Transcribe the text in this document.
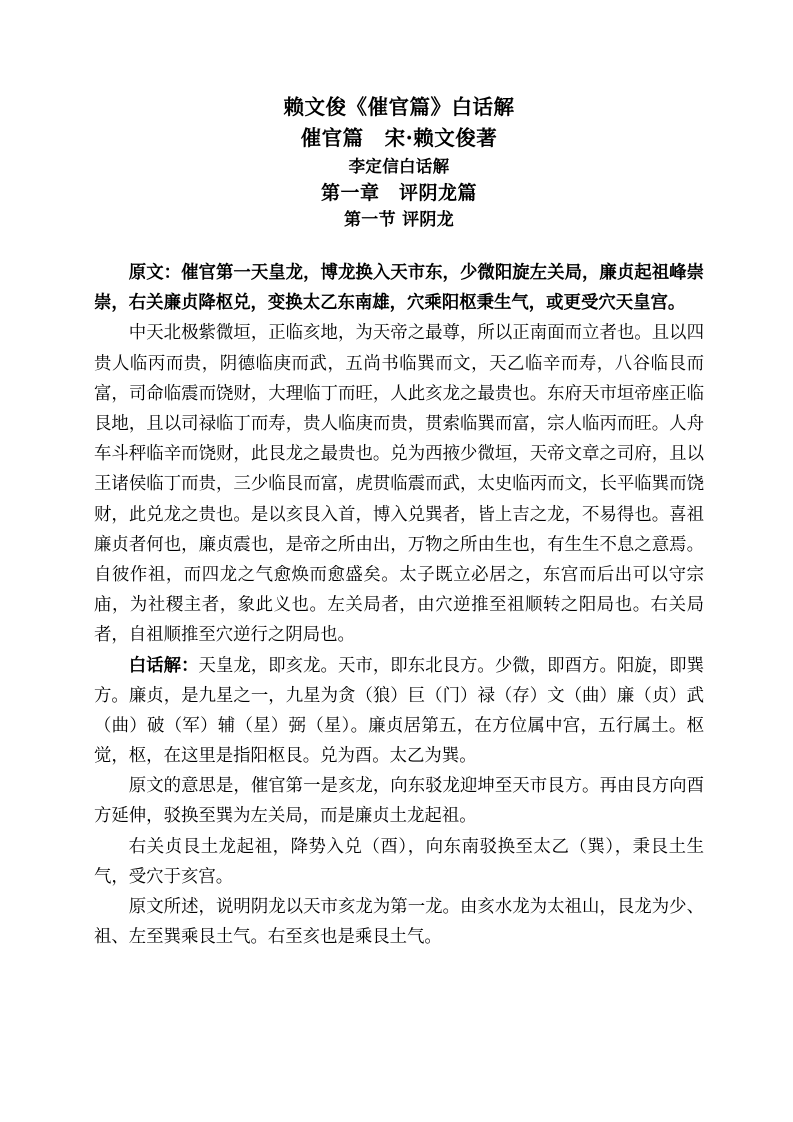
赖文俊《催官篇》白话解
催官篇　宋·赖文俊著
李定信白话解
第一章　评阴龙篇
第一节 评阴龙

原文：催官第一天皇龙，博龙换入天市东，少微阳旋左关局，廉贞起祖峰崇崇，右关廉贞降枢兑，变换太乙东南雄，穴乘阳枢秉生气，或更受穴天皇宫。

中天北极紫微垣，正临亥地，为天帝之最尊，所以正南面而立者也。且以四贵人临丙而贵，阴德临庚而武，五尚书临巽而文，天乙临辛而寿，八谷临艮而富，司命临震而饶财，大理临丁而旺，人此亥龙之最贵也。东府天市垣帝座正临艮地，且以司禄临丁而寿，贵人临庚而贵，贯索临巽而富，宗人临丙而旺。人舟车斗秤临辛而饶财，此艮龙之最贵也。兑为西掖少微垣，天帝文章之司府，且以王诸侯临丁而贵，三少临艮而富，虎贯临震而武，太史临丙而文，长平临巽而饶财，此兑龙之贵也。是以亥艮入首，博入兑巽者，皆上吉之龙，不易得也。喜祖廉贞者何也，廉贞震也，是帝之所由出，万物之所由生也，有生生不息之意焉。自彼作祖，而四龙之气愈焕而愈盛矣。太子既立必居之，东宫而后出可以守宗庙，为社稷主者，象此义也。左关局者，由穴逆推至祖顺转之阳局也。右关局者，自祖顺推至穴逆行之阴局也。

白话解：天皇龙，即亥龙。天市，即东北艮方。少微，即酉方。阳旋，即巽方。廉贞，是九星之一，九星为贪（狼）巨（门）禄（存）文（曲）廉（贞）武（曲）破（军）辅（星）弼（星）。廉贞居第五，在方位属中宫，五行属土。枢觉，枢，在这里是指阳枢艮。兑为酉。太乙为巽。

原文的意思是，催官第一是亥龙，向东驳龙迎坤至天市艮方。再由艮方向酉方延伸，驳换至巽为左关局，而是廉贞土龙起祖。

右关贞艮土龙起祖，降势入兑（酉），向东南驳换至太乙（巽），秉艮土生气，受穴于亥宫。

原文所述，说明阴龙以天市亥龙为第一龙。由亥水龙为太祖山，艮龙为少、祖、左至巽乘艮土气。右至亥也是乘艮土气。
